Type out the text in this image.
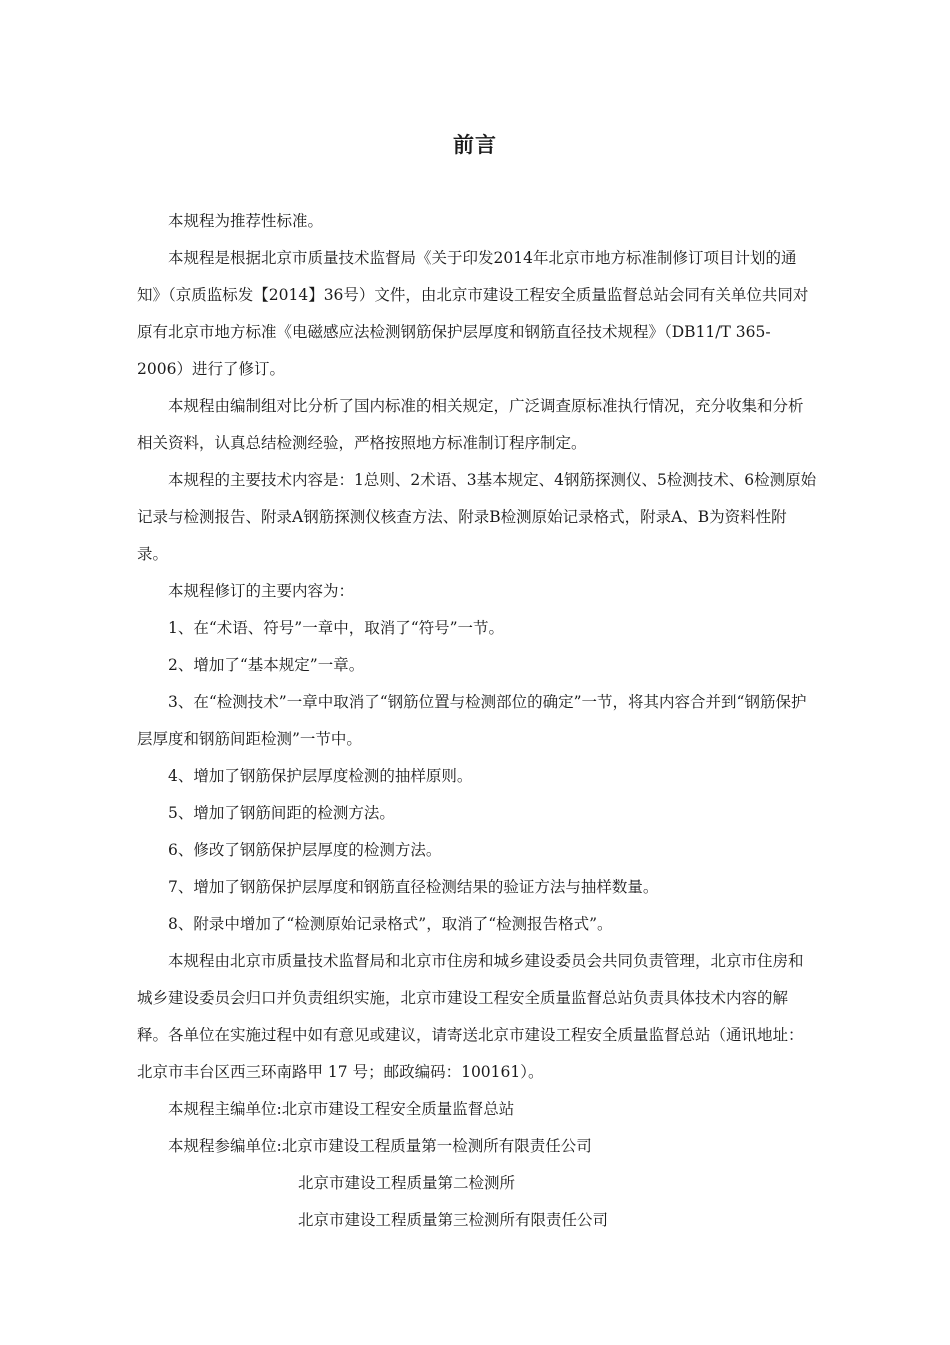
前言

本规程为推荐性标准。

本规程是根据北京市质量技术监督局《关于印发2014年北京市地方标准制修订项目计划的通知》（京质监标发【2014】36号）文件，由北京市建设工程安全质量监督总站会同有关单位共同对原有北京市地方标准《电磁感应法检测钢筋保护层厚度和钢筋直径技术规程》（DB11/T 365-2006）进行了修订。

本规程由编制组对比分析了国内标准的相关规定，广泛调查原标准执行情况，充分收集和分析相关资料，认真总结检测经验，严格按照地方标准制订程序制定。

本规程的主要技术内容是：1总则、2术语、3基本规定、4钢筋探测仪、5检测技术、6检测原始记录与检测报告、附录A钢筋探测仪核查方法、附录B检测原始记录格式，附录A、B为资料性附录。

本规程修订的主要内容为：

1、在“术语、符号”一章中，取消了“符号”一节。

2、增加了“基本规定”一章。

3、在“检测技术”一章中取消了“钢筋位置与检测部位的确定”一节，将其内容合并到“钢筋保护层厚度和钢筋间距检测”一节中。

4、增加了钢筋保护层厚度检测的抽样原则。

5、增加了钢筋间距的检测方法。

6、修改了钢筋保护层厚度的检测方法。

7、增加了钢筋保护层厚度和钢筋直径检测结果的验证方法与抽样数量。

8、附录中增加了“检测原始记录格式”，取消了“检测报告格式”。

本规程由北京市质量技术监督局和北京市住房和城乡建设委员会共同负责管理，北京市住房和城乡建设委员会归口并负责组织实施，北京市建设工程安全质量监督总站负责具体技术内容的解释。各单位在实施过程中如有意见或建议，请寄送北京市建设工程安全质量监督总站（通讯地址：北京市丰台区西三环南路甲 17 号；邮政编码：100161）。

本规程主编单位:北京市建设工程安全质量监督总站
本规程参编单位:北京市建设工程质量第一检测所有限责任公司
北京市建设工程质量第二检测所
北京市建设工程质量第三检测所有限责任公司
